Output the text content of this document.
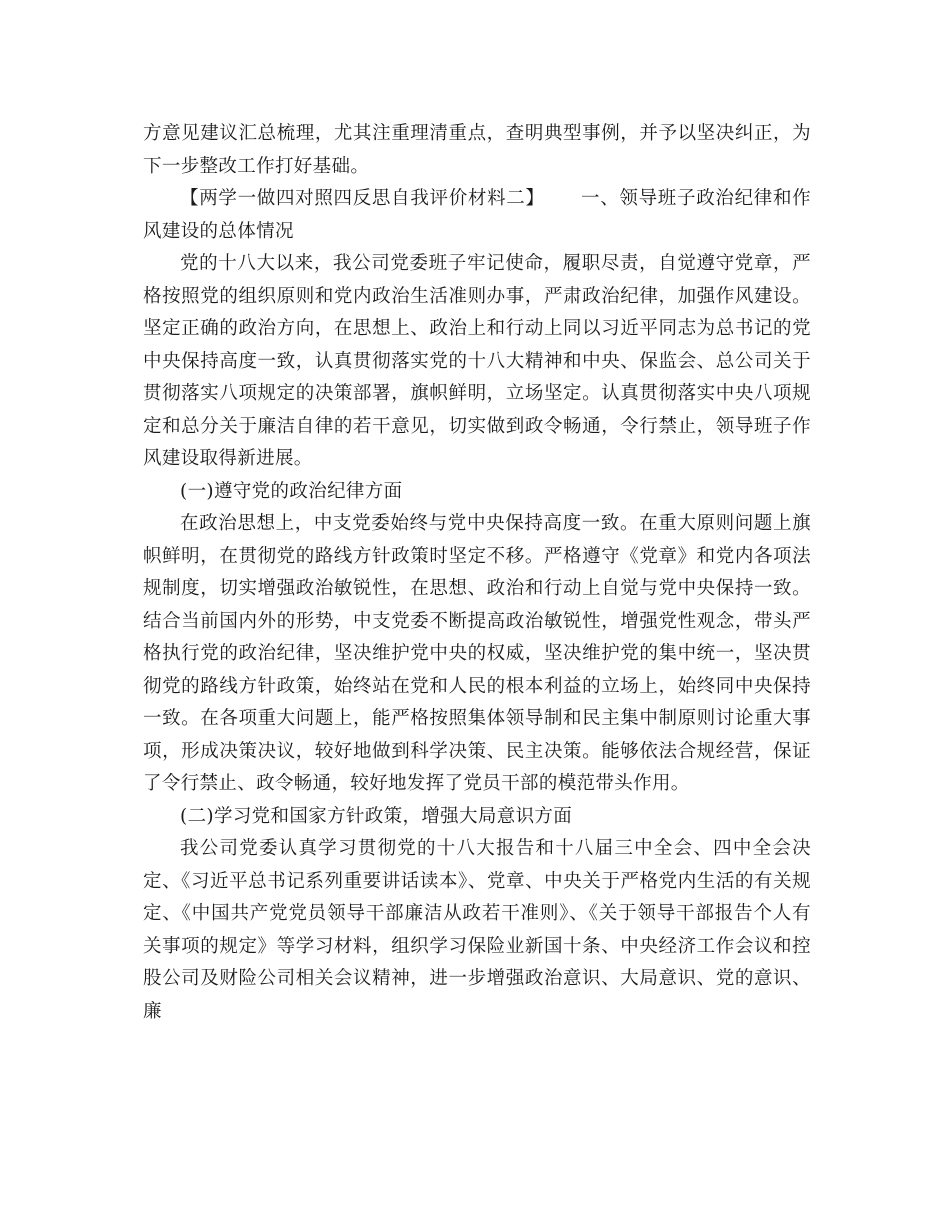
方意见建议汇总梳理，尤其注重理清重点，查明典型事例，并予以坚决纠正，为下一步整改工作打好基础。

【两学一做四对照四反思自我评价材料二】 一、领导班子政治纪律和作风建设的总体情况

党的十八大以来，我公司党委班子牢记使命，履职尽责，自觉遵守党章，严格按照党的组织原则和党内政治生活准则办事，严肃政治纪律，加强作风建设。坚定正确的政治方向，在思想上、政治上和行动上同以习近平同志为总书记的党中央保持高度一致，认真贯彻落实党的十八大精神和中央、保监会、总公司关于贯彻落实八项规定的决策部署，旗帜鲜明，立场坚定。认真贯彻落实中央八项规定和总分关于廉洁自律的若干意见，切实做到政令畅通，令行禁止，领导班子作风建设取得新进展。

(一)遵守党的政治纪律方面

在政治思想上，中支党委始终与党中央保持高度一致。在重大原则问题上旗帜鲜明，在贯彻党的路线方针政策时坚定不移。严格遵守《党章》和党内各项法规制度，切实增强政治敏锐性，在思想、政治和行动上自觉与党中央保持一致。结合当前国内外的形势，中支党委不断提高政治敏锐性，增强党性观念，带头严格执行党的政治纪律，坚决维护党中央的权威，坚决维护党的集中统一，坚决贯彻党的路线方针政策，始终站在党和人民的根本利益的立场上，始终同中央保持一致。在各项重大问题上，能严格按照集体领导制和民主集中制原则讨论重大事项，形成决策决议，较好地做到科学决策、民主决策。能够依法合规经营，保证了令行禁止、政令畅通，较好地发挥了党员干部的模范带头作用。

(二)学习党和国家方针政策，增强大局意识方面

我公司党委认真学习贯彻党的十八大报告和十八届三中全会、四中全会决定、《习近平总书记系列重要讲话读本》、党章、中央关于严格党内生活的有关规定、《中国共产党党员领导干部廉洁从政若干准则》、《关于领导干部报告个人有关事项的规定》等学习材料，组织学习保险业新国十条、中央经济工作会议和控股公司及财险公司相关会议精神，进一步增强政治意识、大局意识、党的意识、廉
